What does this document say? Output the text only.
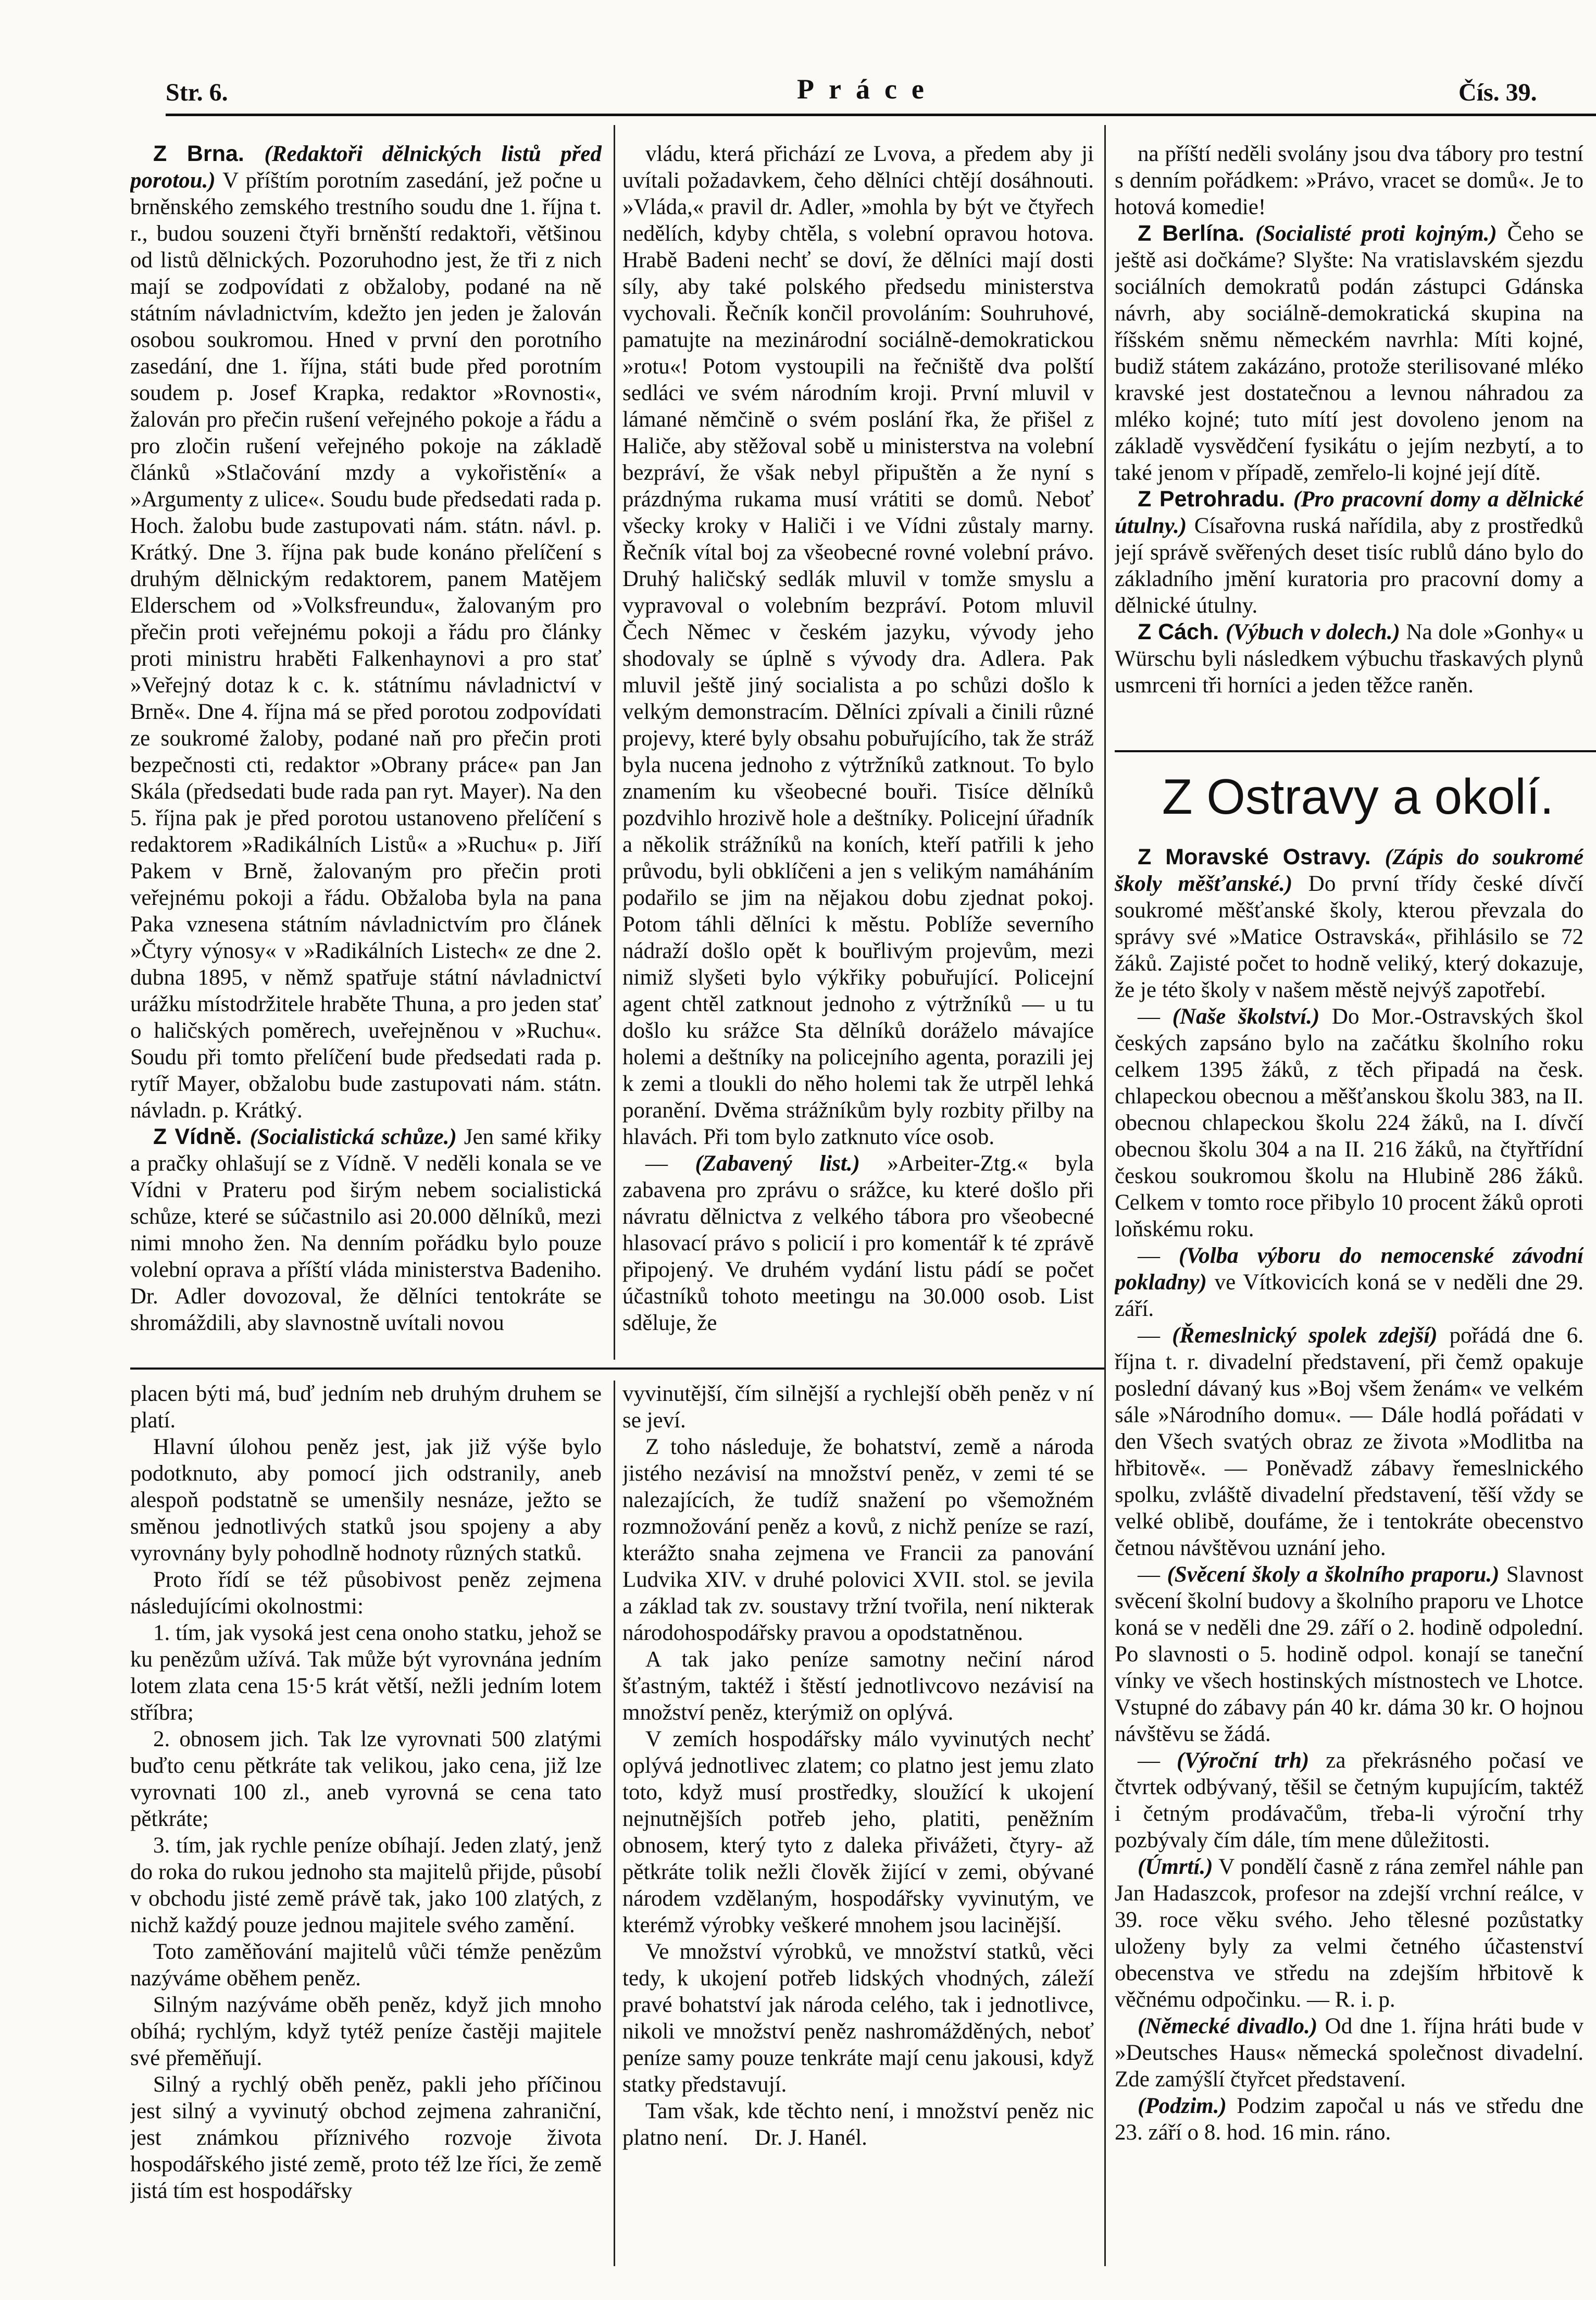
Str. 6.	Práce	Čís. 39.

Z Brna. (Redaktoři dělnických listů před porotou.) V příštím porotním zasedání, jež počne u brněnského zemského trestního soudu dne 1. října t. r., budou souzeni čtyři brněnští redaktoři, většinou od listů dělnických. Pozoruhodno jest, že tři z nich mají se zodpovídati z obžaloby, podané na ně státním návladnictvím, kdežto jen jeden je žalován osobou soukromou. Hned v první den porotního zasedání, dne 1. října, státi bude před porotním soudem p. Josef Krapka, redaktor »Rovnosti«, žalován pro přečin rušení veřejného pokoje a řádu a pro zločin rušení veřejného pokoje na základě článků »Stlačování mzdy a vykořistění« a »Argumenty z ulice«. Soudu bude předsedati rada p. Hoch. žalobu bude zastupovati nám. státn. návl. p. Krátký. Dne 3. října pak bude konáno přelíčení s druhým dělnickým redaktorem, panem Matějem Elderschem od »Volksfreundu«, žalovaným pro přečin proti veřejnému pokoji a řádu pro články proti ministru hraběti Falkenhaynovi a pro stať »Veřejný dotaz k c. k. státnímu návladnictví v Brně«. Dne 4. října má se před porotou zodpovídati ze soukromé žaloby, podané naň pro přečin proti bezpečnosti cti, redaktor »Obrany práce« pan Jan Skála (předsedati bude rada pan ryt. Mayer). Na den 5. října pak je před porotou ustanoveno přelíčení s redaktorem »Radikálních Listů« a »Ruchu« p. Jiří Pakem v Brně, žalovaným pro přečin proti veřejnému pokoji a řádu. Obžaloba byla na pana Paka vznesena státním návladnictvím pro článek »Čtyry výnosy« v »Radikálních Listech« ze dne 2. dubna 1895, v němž spatřuje státní návladnictví urážku místodržitele hraběte Thuna, a pro jeden stať o haličských poměrech, uveřejněnou v »Ruchu«. Soudu při tomto přelíčení bude předsedati rada p. rytíř Mayer, obžalobu bude zastupovati nám. státn. návladn. p. Krátký.

Z Vídně. (Socialistická schůze.) Jen samé křiky a pračky ohlašují se z Vídně. V neděli konala se ve Vídni v Prateru pod širým nebem socialistická schůze, které se súčastnilo asi 20.000 dělníků, mezi nimi mnoho žen. Na denním pořádku bylo pouze volební oprava a příští vláda ministerstva Badeniho. Dr. Adler dovozoval, že dělníci tentokráte se shromáždili, aby slavnostně uvítali novou

vládu, která přichází ze Lvova, a předem aby ji uvítali požadavkem, čeho dělníci chtějí dosáhnouti. »Vláda,« pravil dr. Adler, »mohla by být ve čtyřech nedělích, kdyby chtěla, s volební opravou hotova. Hrabě Badeni nechť se doví, že dělníci mají dosti síly, aby také polského předsedu ministerstva vychovali. Řečník končil provoláním: Souhruhové, pamatujte na mezinárodní sociálně-demokratickou »rotu«! Potom vystoupili na řečniště dva polští sedláci ve svém národním kroji. První mluvil v lámané němčině o svém poslání řka, že přišel z Haliče, aby stěžoval sobě u ministerstva na volební bezpráví, že však nebyl připuštěn a že nyní s prázdnýma rukama musí vrátiti se domů. Neboť všecky kroky v Haliči i ve Vídni zůstaly marny. Řečník vítal boj za všeobecné rovné volební právo. Druhý haličský sedlák mluvil v tomže smyslu a vypravoval o volebním bezpráví. Potom mluvil Čech Němec v českém jazyku, vývody jeho shodovaly se úplně s vývody dra. Adlera. Pak mluvil ještě jiný socialista a po schůzi došlo k velkým demonstracím. Dělníci zpívali a činili různé projevy, které byly obsahu pobuřujícího, tak že stráž byla nucena jednoho z výtržníků zatknout. To bylo znamením ku všeobecné bouři. Tisíce dělníků pozdvihlo hrozivě hole a deštníky. Policejní úřadník a několik strážníků na koních, kteří patřili k jeho průvodu, byli obklíčeni a jen s velikým namáháním podařilo se jim na nějakou dobu zjednat pokoj. Potom táhli dělníci k městu. Poblíže severního nádraží došlo opět k bouřlivým projevům, mezi nimiž slyšeti bylo výkřiky pobuřující. Policejní agent chtěl zatknout jednoho z výtržníků — u tu došlo ku srážce Sta dělníků doráželo mávajíce holemi a deštníky na policejního agenta, porazili jej k zemi a tloukli do něho holemi tak že utrpěl lehká poranění. Dvěma strážníkům byly rozbity přilby na hlavách. Při tom bylo zatknuto více osob.

— (Zabavený list.) »Arbeiter-Ztg.« byla zabavena pro zprávu o srážce, ku které došlo při návratu dělnictva z velkého tábora pro všeobecné hlasovací právo s policií i pro komentář k té zprávě připojený. Ve druhém vydání listu pádí se počet účastníků tohoto meetingu na 30.000 osob. List sděluje, že

na příští neděli svolány jsou dva tábory pro testní s denním pořádkem: »Právo, vracet se domů«. Je to hotová komedie!

Z Berlína. (Socialisté proti kojným.) Čeho se ještě asi dočkáme? Slyšte: Na vratislavském sjezdu sociálních demokratů podán zástupci Gdánska návrh, aby sociálně-demokratická skupina na říšském sněmu německém navrhla: Míti kojné, budiž státem zakázáno, protože sterilisované mléko kravské jest dostatečnou a levnou náhradou za mléko kojné; tuto mítí jest dovoleno jenom na základě vysvědčení fysikátu o jejím nezbytí, a to také jenom v případě, zemřelo-li kojné její dítě.

Z Petrohradu. (Pro pracovní domy a dělnické útulny.) Císařovna ruská nařídila, aby z prostředků její správě svěřených deset tisíc rublů dáno bylo do základního jmění kuratoria pro pracovní domy a dělnické útulny.

Z Cách. (Výbuch v dolech.) Na dole »Gonhy« u Würschu byli následkem výbuchu třaskavých plynů usmrceni tři horníci a jeden těžce raněn.

Z Ostravy a okolí.

Z Moravské Ostravy. (Zápis do soukromé školy měšťanské.) Do první třídy české dívčí soukromé měšťanské školy, kterou převzala do správy své »Matice Ostravská«, přihlásilo se 72 žáků. Zajisté počet to hodně veliký, který dokazuje, že je této školy v našem městě nejvýš zapotřebí.

— (Naše školství.) Do Mor.-Ostravských škol českých zapsáno bylo na začátku školního roku celkem 1395 žáků, z těch připadá na česk. chlapeckou obecnou a měšťanskou školu 383, na II. obecnou chlapeckou školu 224 žáků, na I. dívčí obecnou školu 304 a na II. 216 žáků, na čtyřtřídní českou soukromou školu na Hlubině 286 žáků. Celkem v tomto roce přibylo 10 procent žáků oproti loňskému roku.

— (Volba výboru do nemocenské závodní pokladny) ve Vítkovicích koná se v neděli dne 29. září.

— (Řemeslnický spolek zdejší) pořádá dne 6. října t. r. divadelní představení, při čemž opakuje poslední dávaný kus »Boj všem ženám« ve velkém sále »Národního domu«. — Dále hodlá pořádati v den Všech svatých obraz ze života »Modlitba na hřbitově«. — Poněvadž zábavy řemeslnického spolku, zvláště divadelní představení, těší vždy se velké oblibě, doufáme, že i tentokráte obecenstvo četnou návštěvou uznání jeho.

— (Svěcení školy a školního praporu.) Slavnost svěcení školní budovy a školního praporu ve Lhotce koná se v neděli dne 29. září o 2. hodině odpolední. Po slavnosti o 5. hodině odpol. konají se taneční vínky ve všech hostinských místnostech ve Lhotce. Vstupné do zábavy pán 40 kr. dáma 30 kr. O hojnou návštěvu se žádá.

— (Výroční trh) za překrásného počasí ve čtvrtek odbývaný, těšil se četným kupujícím, taktéž i četným prodávačům, třeba-li výroční trhy pozbývaly čím dále, tím mene důležitosti.

(Úmrtí.) V pondělí časně z rána zemřel náhle pan Jan Hadaszcok, profesor na zdejší vrchní reálce, v 39. roce věku svého. Jeho tělesné pozůstatky uloženy byly za velmi četného účastenství obecenstva ve středu na zdejším hřbitově k věčnému odpočinku. — R. i. p.

(Německé divadlo.) Od dne 1. října hráti bude v »Deutsches Haus« německá společnost divadelní. Zde zamýšlí čtyřcet představení.

(Podzim.) Podzim započal u nás ve středu dne 23. září o 8. hod. 16 min. ráno.

placen býti má, buď jedním neb druhým druhem se platí.

Hlavní úlohou peněz jest, jak již výše bylo podotknuto, aby pomocí jich odstranily, aneb alespoň podstatně se umenšily nesnáze, ježto se směnou jednotlivých statků jsou spojeny a aby vyrovnány byly pohodlně hodnoty různých statků.

Proto řídí se též působivost peněz zejmena následujícími okolnostmi:

1. tím, jak vysoká jest cena onoho statku, jehož se ku penězům užívá. Tak může být vyrovnána jedním lotem zlata cena 15·5 krát větší, nežli jedním lotem stříbra;

2. obnosem jich. Tak lze vyrovnati 500 zlatými buďto cenu pětkráte tak velikou, jako cena, již lze vyrovnati 100 zl., aneb vyrovná se cena tato pětkráte;

3. tím, jak rychle peníze obíhají. Jeden zlatý, jenž do roka do rukou jednoho sta majitelů přijde, působí v obchodu jisté země právě tak, jako 100 zlatých, z nichž každý pouze jednou majitele svého zamění.

Toto zaměňování majitelů vůči témže penězům nazýváme oběhem peněz.

Silným nazýváme oběh peněz, když jich mnoho obíhá; rychlým, když tytéž peníze častěji majitele své přeměňují.

Silný a rychlý oběh peněz, pakli jeho příčinou jest silný a vyvinutý obchod zejmena zahraniční, jest známkou příznivého rozvoje života hospodářského jisté země, proto též lze říci, že země jistá tím est hospodářsky

vyvinutější, čím silnější a rychlejší oběh peněz v ní se jeví.

Z toho následuje, že bohatství, země a národa jistého nezávisí na množství peněz, v zemi té se nalezajících, že tudíž snažení po všemožném rozmnožování peněz a kovů, z nichž peníze se razí, kterážto snaha zejmena ve Francii za panování Ludvika XIV. v druhé polovici XVII. stol. se jevila a základ tak zv. soustavy tržní tvořila, není nikterak národohospodářsky pravou a opodstatněnou.

A tak jako peníze samotny nečiní národ šťastným, taktéž i štěstí jednotlivcovo nezávisí na množství peněz, kterýmiž on oplývá.

V zemích hospodářsky málo vyvinutých nechť oplývá jednotlivec zlatem; co platno jest jemu zlato toto, když musí prostředky, sloužící k ukojení nejnutnějších potřeb jeho, platiti, peněžním obnosem, který tyto z daleka přivážeti, čtyry- až pětkráte tolik nežli člověk žijící v zemi, obývané národem vzdělaným, hospodářsky vyvinutým, ve kterémž výrobky veškeré mnohem jsou lacinější.

Ve množství výrobků, ve množství statků, věci tedy, k ukojení potřeb lidských vhodných, záleží pravé bohatství jak národa celého, tak i jednotlivce, nikoli ve množství peněz nashromážděných, neboť peníze samy pouze tenkráte mají cenu jakousi, když statky představují.

Tam však, kde těchto není, i množství peněz nic platno není. Dr. J. Hanél.
